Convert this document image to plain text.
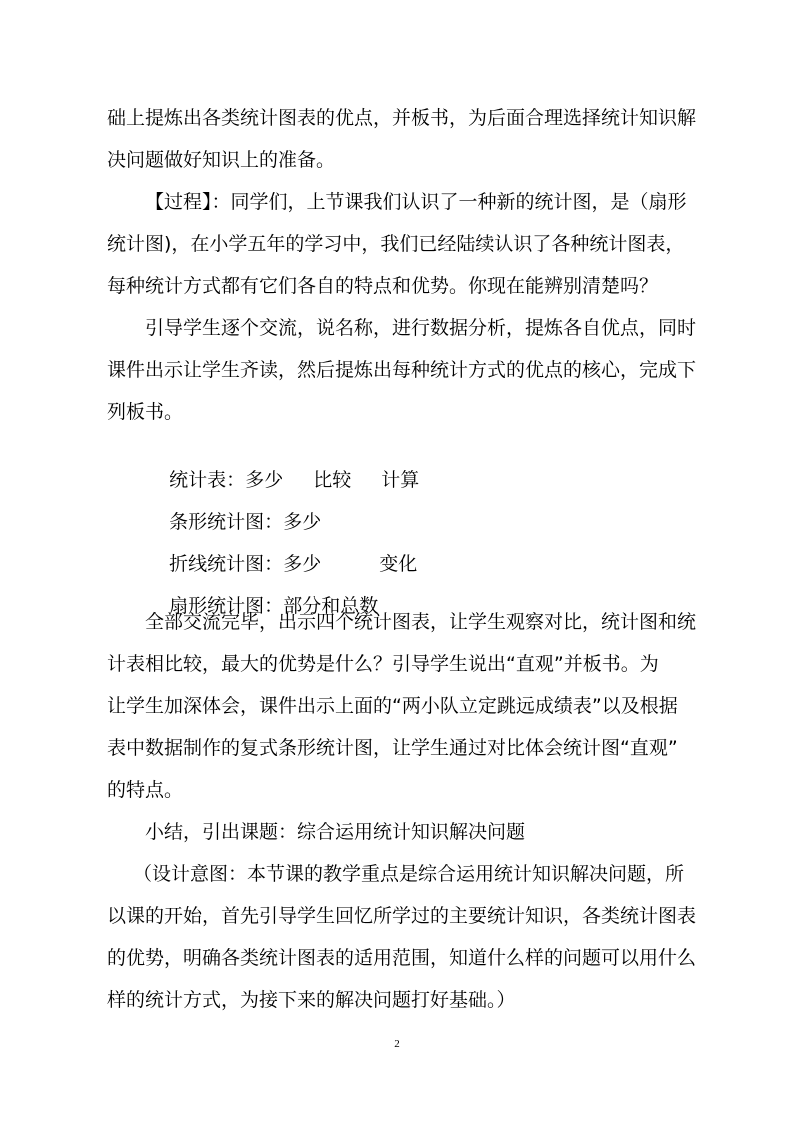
础上提炼出各类统计图表的优点，并板书，为后面合理选择统计知识解
决问题做好知识上的准备。
【过程】：同学们，上节课我们认识了一种新的统计图，是（扇形
统计图)，在小学五年的学习中，我们已经陆续认识了各种统计图表，
每种统计方式都有它们各自的特点和优势。你现在能辨别清楚吗？
引导学生逐个交流，说名称，进行数据分析，提炼各自优点，同时
课件出示让学生齐读，然后提炼出每种统计方式的优点的核心，完成下
列板书。

统计表：多少 比较 计算

条形统计图：多少

折线统计图：多少	变化

扇形统计图：部分和总数

全部交流完毕，出示四个统计图表，让学生观察对比，统计图和统
计表相比较，最大的优势是什么？引导学生说出“直观”并板书。为
让学生加深体会，课件出示上面的“两小队立定跳远成绩表”以及根据
表中数据制作的复式条形统计图，让学生通过对比体会统计图“直观”
的特点。
小结，引出课题：综合运用统计知识解决问题
（设计意图：本节课的教学重点是综合运用统计知识解决问题，所
以课的开始，首先引导学生回忆所学过的主要统计知识，各类统计图表
的优势，明确各类统计图表的适用范围，知道什么样的问题可以用什么
样的统计方式，为接下来的解决问题打好基础。）
2
